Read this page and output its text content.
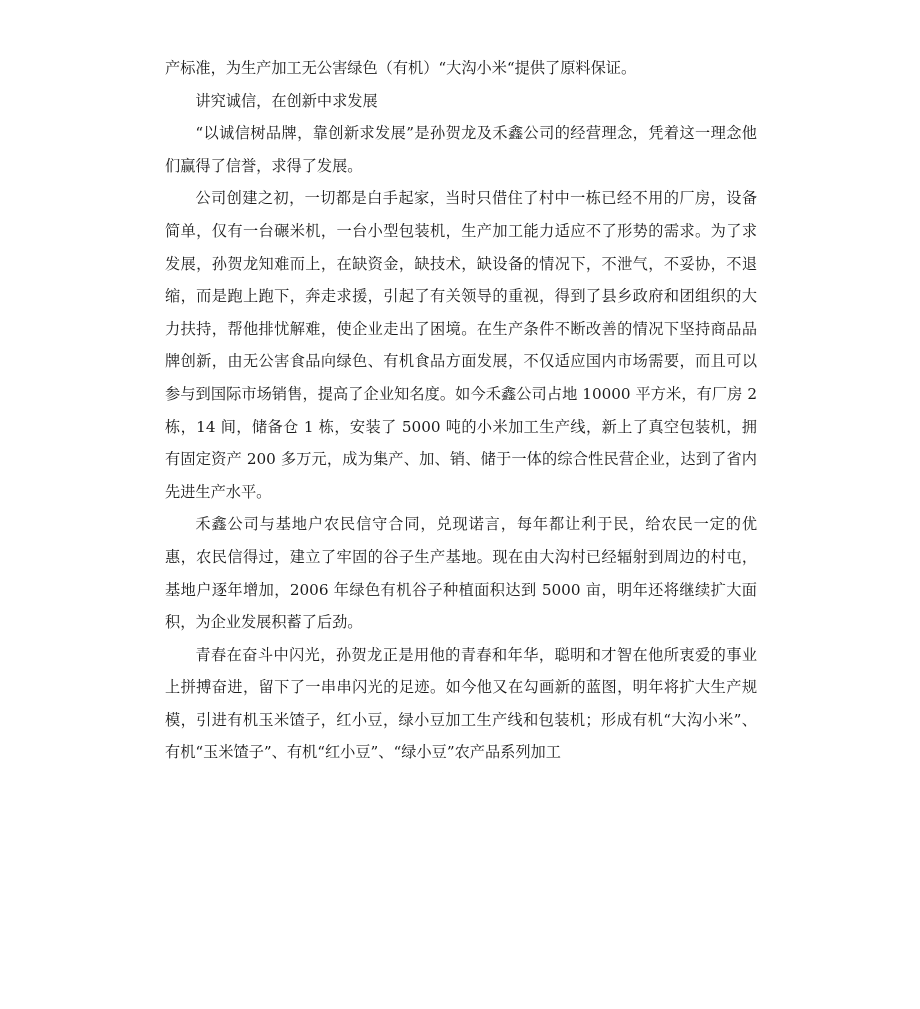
产标准，为生产加工无公害绿色（有机）“大沟小米“提供了原料保证。

讲究诚信，在创新中求发展

“以诚信树品牌，靠创新求发展”是孙贺龙及禾鑫公司的经营理念，凭着这一理念他们赢得了信誉，求得了发展。

公司创建之初，一切都是白手起家，当时只借住了村中一栋已经不用的厂房，设备简单，仅有一台碾米机，一台小型包装机，生产加工能力适应不了形势的需求。为了求发展，孙贺龙知难而上，在缺资金，缺技术，缺设备的情况下，不泄气，不妥协，不退缩，而是跑上跑下，奔走求援，引起了有关领导的重视，得到了县乡政府和团组织的大力扶持，帮他排忧解难，使企业走出了困境。在生产条件不断改善的情况下坚持商品品牌创新，由无公害食品向绿色、有机食品方面发展，不仅适应国内市场需要，而且可以参与到国际市场销售，提高了企业知名度。如今禾鑫公司占地 10000 平方米，有厂房 2 栋，14 间，储备仓 1 栋，安装了 5000 吨的小米加工生产线，新上了真空包装机，拥有固定资产 200 多万元，成为集产、加、销、储于一体的综合性民营企业，达到了省内先进生产水平。

禾鑫公司与基地户农民信守合同，兑现诺言，每年都让利于民，给农民一定的优惠，农民信得过，建立了牢固的谷子生产基地。现在由大沟村已经辐射到周边的村屯，基地户逐年增加，2006 年绿色有机谷子种植面积达到 5000 亩，明年还将继续扩大面积，为企业发展积蓄了后劲。

青春在奋斗中闪光，孙贺龙正是用他的青春和年华，聪明和才智在他所衷爱的事业上拼搏奋进，留下了一串串闪光的足迹。如今他又在勾画新的蓝图，明年将扩大生产规模，引进有机玉米馇子，红小豆，绿小豆加工生产线和包装机；形成有机“大沟小米”、有机“玉米馇子”、有机“红小豆”、“绿小豆”农产品系列加工
